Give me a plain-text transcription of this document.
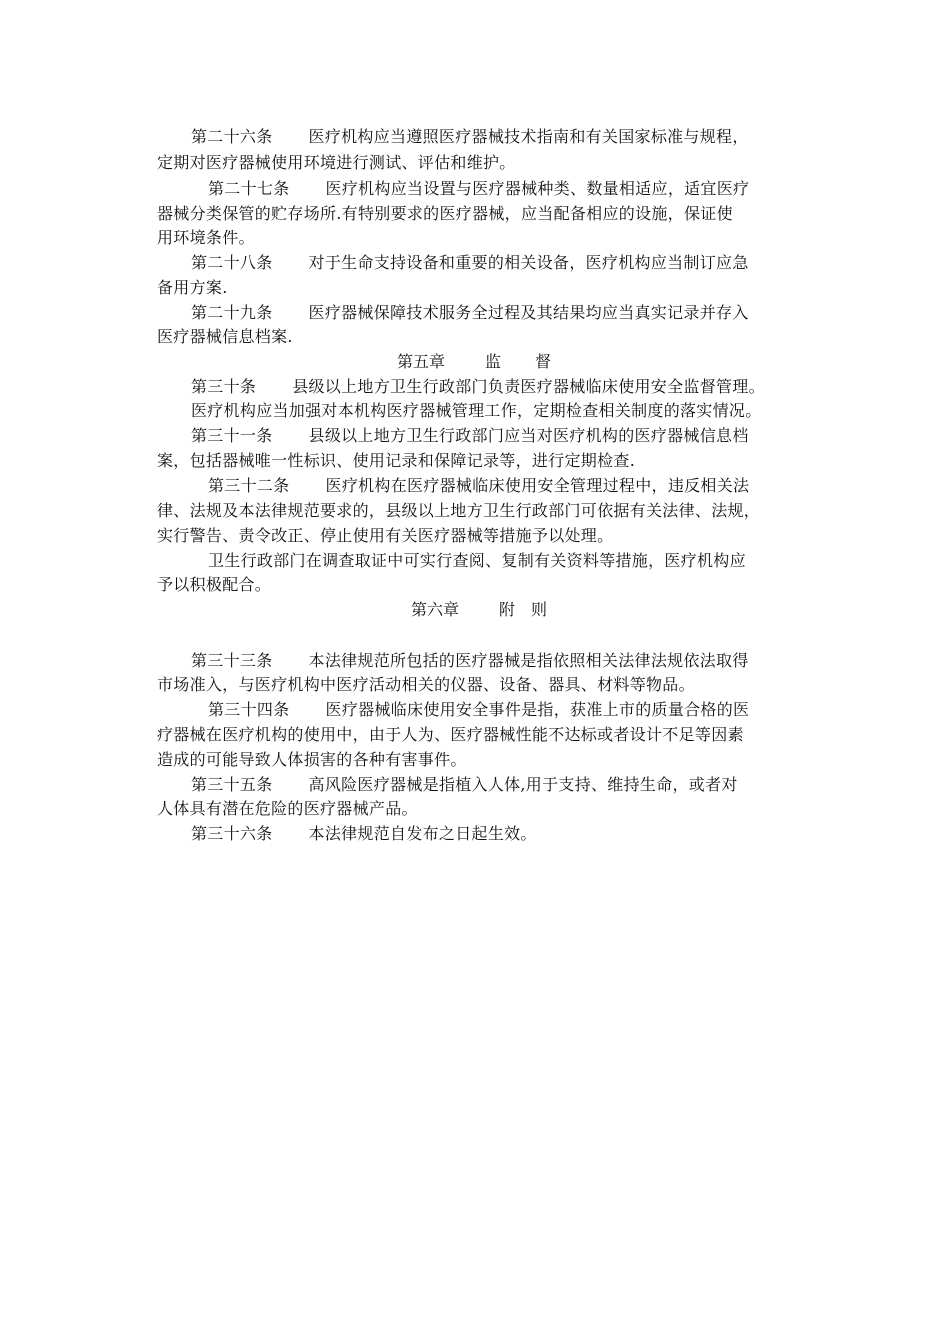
第二十六条 医疗机构应当遵照医疗器械技术指南和有关国家标准与规程，
定期对医疗器械使用环境进行测试、评估和维护。
第二十七条 医疗机构应当设置与医疗器械种类、数量相适应，适宜医疗
器械分类保管的贮存场所.有特别要求的医疗器械，应当配备相应的设施，保证使
用环境条件。
第二十八条 对于生命支持设备和重要的相关设备，医疗机构应当制订应急
备用方案.
第二十九条 医疗器械保障技术服务全过程及其结果均应当真实记录并存入
医疗器械信息档案.
第五章	监 督
第三十条 县级以上地方卫生行政部门负责医疗器械临床使用安全监督管理。
医疗机构应当加强对本机构医疗器械管理工作，定期检查相关制度的落实情况。
第三十一条 县级以上地方卫生行政部门应当对医疗机构的医疗器械信息档
案，包括器械唯一性标识、使用记录和保障记录等，进行定期检查.
第三十二条 医疗机构在医疗器械临床使用安全管理过程中，违反相关法
律、法规及本法律规范要求的，县级以上地方卫生行政部门可依据有关法律、法规，
实行警告、责令改正、停止使用有关医疗器械等措施予以处理。
卫生行政部门在调查取证中可实行查阅、复制有关资料等措施，医疗机构应
予以积极配合。
第六章	附 则
第三十三条 本法律规范所包括的医疗器械是指依照相关法律法规依法取得
市场准入，与医疗机构中医疗活动相关的仪器、设备、器具、材料等物品。
第三十四条 医疗器械临床使用安全事件是指，获准上市的质量合格的医
疗器械在医疗机构的使用中，由于人为、医疗器械性能不达标或者设计不足等因素
造成的可能导致人体损害的各种有害事件。
第三十五条 高风险医疗器械是指植入人体,用于支持、维持生命，或者对
人体具有潜在危险的医疗器械产品。
第三十六条 本法律规范自发布之日起生效。
